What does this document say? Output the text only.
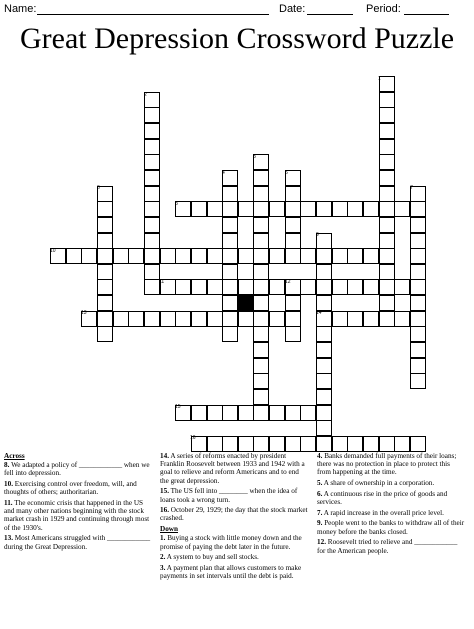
Name:	Date:	Period:
Great Depression Crossword Puzzle
1
2
3
4	5
6	7
8
9
10
11	12
13	14
15
16
Across
8. We adapted a policy of ____________ when we fell into depression.
10. Exercising control over freedom, will, and thoughts of others; authoritarian.
11. The economic crisis that happened in the US and many other nations beginning with the stock market crash in 1929 and continuing through most of the 1930's.
13. Most Americans struggled with ____________ during the Great Depression.
14. A series of reforms enacted by president Franklin Roosevelt between 1933 and 1942 with a goal to relieve and reform Americans and to end the great depression.
15. The US fell into ________ when the idea of loans took a wrong turn.
16. October 29, 1929; the day that the stock market crashed.
Down
1. Buying a stock with little money down and the promise of paying the debt later in the future.
2. A system to buy and sell stocks.
3. A payment plan that allows customers to make payments in set intervals until the debt is paid.
4. Banks demanded full payments of their loans; there was no protection in place to protect this from happening at the time.
5. A share of ownership in a corporation.
6. A continuous rise in the price of goods and services.
7. A rapid increase in the overall price level.
9. People went to the banks to withdraw all of their money before the banks closed.
12. Roosevelt tried to relieve and ____________ for the American people.
